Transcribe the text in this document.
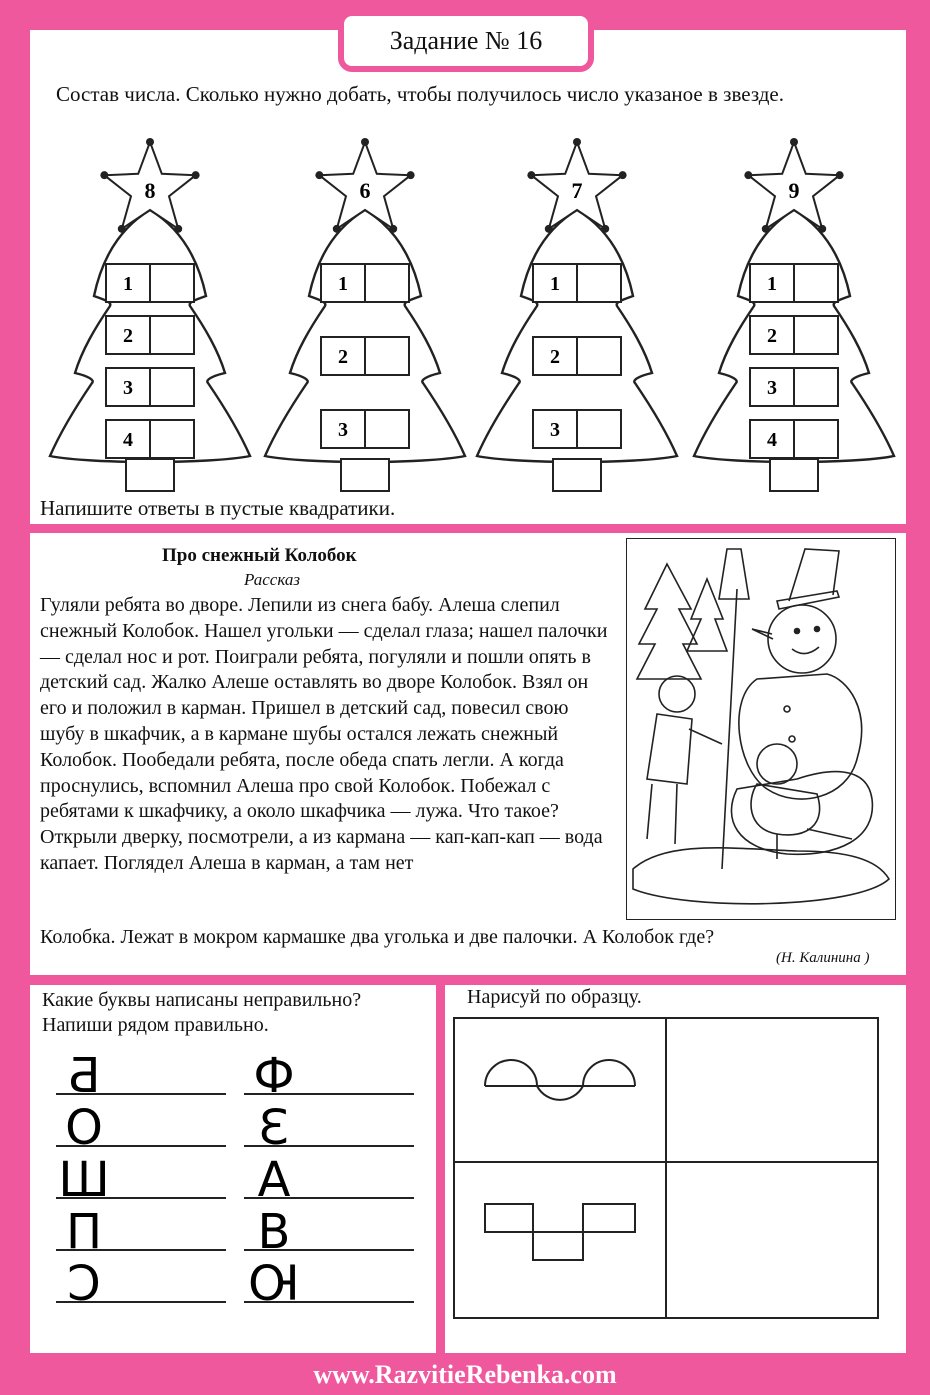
Задание № 16
Состав числа. Сколько нужно добать, чтобы получилось число указаное в звезде.
8
1
2
3
4
6
1
2
3
7
1
2
3
9
1
2
3
4
Напишите ответы в пустые квадратики.
Про снежный Колобок
Рассказ
Гуляли ребята во дворе. Лепили из снега бабу. Алеша слепил снежный Колобок. Нашел угольки — сделал глаза; нашел палочки — сделал нос и рот. Поиграли ребята, погуляли и пошли опять в детский сад. Жалко Алеше оставлять во дворе Колобок. Взял он его и положил в карман. Пришел в детский сад, повесил свою шубу в шкафчик, а в кармане шубы остался лежать снежный Колобок. Пообедали ребята, после обеда спать легли. А когда проснулись, вспомнил Алеша про свой Колобок. Побежал с ребятами к шкафчику, а около шкафчика — лужа. Что такое? Открыли дверку, посмотрели, а из кармана — кап-кап-кап — вода капает. Поглядел Алеша в карман, а там нет
Колобка. Лежат в мокром кармашке два уголька и две палочки. А Колобок где?
(Н. Калинина )
Какие буквы написаны неправильно?
Напиши рядом правильно.
Б	Ф
О	З
Ш	А
П	В
С	Ю
Нарисуй по образцу.
www.RazvitieRebenka.com
